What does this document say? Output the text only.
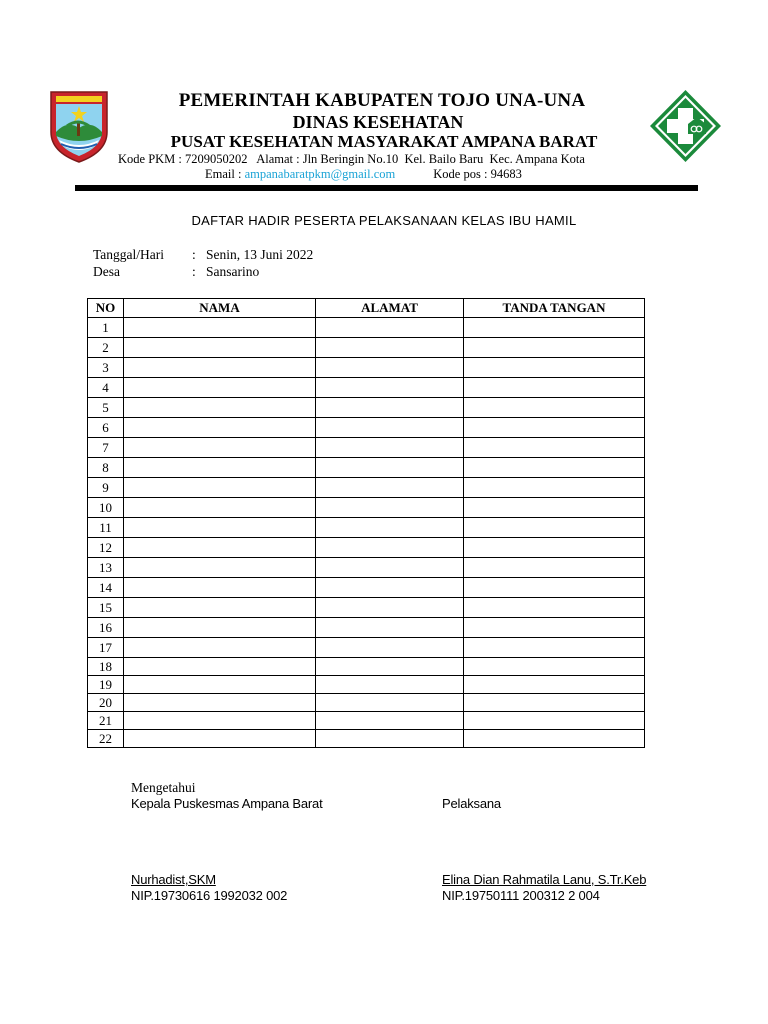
PEMERINTAH KABUPATEN TOJO UNA-UNA
DINAS KESEHATAN
PUSAT KESEHATAN MASYARAKAT AMPANA BARAT
Kode PKM : 7209050202   Alamat : Jln Beringin No.10  Kel. Bailo Baru  Kec. Ampana Kota
Email : ampanabaratpkm@gmail.com	Kode pos : 94683
DAFTAR HADIR PESERTA PELAKSANAAN KELAS IBU HAMIL
Tanggal/Hari : Senin, 13 Juni 2022
Desa	: Sansarino
NO	NAMA	ALAMAT	TANDA TANGAN
1			
2			
3			
4			
5			
6			
7			
8			
9			
10			
11			
12			
13			
14			
15			
16			
17			
18			
19			
20			
21			
22			
Mengetahui
Kepala Puskesmas Ampana Barat	Pelaksana
Nurhadist,SKM
NIP.19730616 1992032 002
Elina Dian Rahmatila Lanu, S.Tr.Keb
NIP.19750111 200312 2 004
